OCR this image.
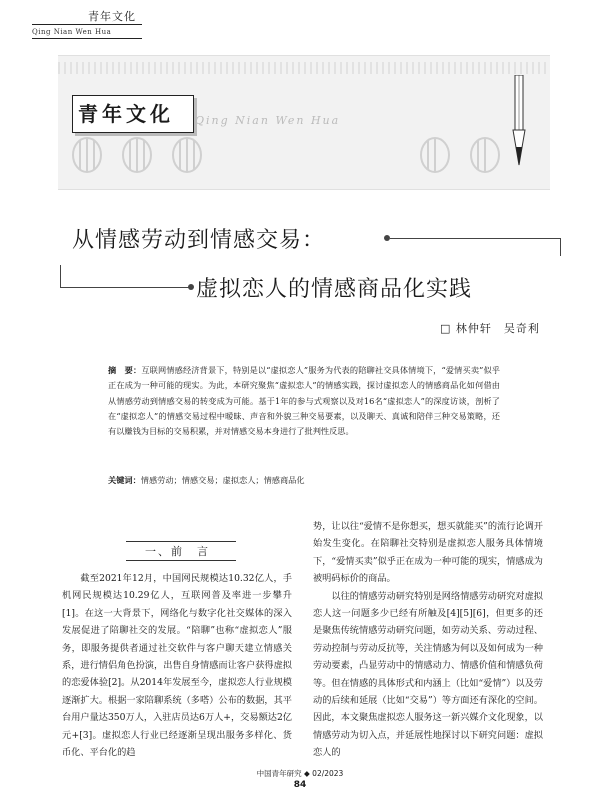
青年文化
Qing Nian Wen Hua
青年文化 Qing Nian Wen Hua
从情感劳动到情感交易：
虚拟恋人的情感商品化实践
□ 林仲轩　吴奇利
摘　要：互联网情感经济背景下，特别是以“虚拟恋人”服务为代表的陪聊社交具体情境下，“爱情买卖”似乎正在成为一种可能的现实。为此，本研究聚焦“虚拟恋人”的情感实践，探讨虚拟恋人的情感商品化如何借由从情感劳动到情感交易的转变成为可能。基于1年的参与式观察以及对16名“虚拟恋人”的深度访谈，剖析了在“虚拟恋人”的情感交易过程中暧昧、声音和外貌三种交易要素，以及聊天、真诚和陪伴三种交易策略，还有以赚钱为目标的交易积累，并对情感交易本身进行了批判性反思。
关键词：情感劳动；情感交易；虚拟恋人；情感商品化
一、前　言

截至2021年12月，中国网民规模达10.32亿人，手机网民规模达10.29亿人，互联网普及率进一步攀升[1]。在这一大背景下，网络化与数字化社交媒体的深入发展促进了陪聊社交的发展。“陪聊”也称“虚拟恋人”服务，即服务提供者通过社交软件与客户聊天建立情感关系，进行情侣角色扮演，出售自身情感而让客户获得虚拟的恋爱体验[2]。从2014年发展至今，虚拟恋人行业规模逐渐扩大。根据一家陪聊系统（多嗒）公布的数据，其平台用户量达350万人，入驻店员达6万人+，交易额达2亿元+[3]。虚拟恋人行业已经逐渐呈现出服务多样化、货币化、平台化的趋

势，让以往“爱情不是你想买，想买就能买”的流行论调开始发生变化。在陪聊社交特别是虚拟恋人服务具体情境下，“爱情买卖”似乎正在成为一种可能的现实，情感成为被明码标价的商品。

以往的情感劳动研究特别是网络情感劳动研究对虚拟恋人这一问题多少已经有所触及[4][5][6]，但更多的还是聚焦传统情感劳动研究问题，如劳动关系、劳动过程、劳动控制与劳动反抗等，关注情感为何以及如何成为一种劳动要素，凸显劳动中的情感动力、情感价值和情感负荷等。但在情感的具体形式和内涵上（比如“爱情”）以及劳动的后续和延展（比如“交易”）等方面还有深化的空间。因此，本文聚焦虚拟恋人服务这一新兴媒介文化现象，以情感劳动为切入点，并延展性地探讨以下研究问题：虚拟恋人的

中国青年研究 ◆ 02/2023
84
